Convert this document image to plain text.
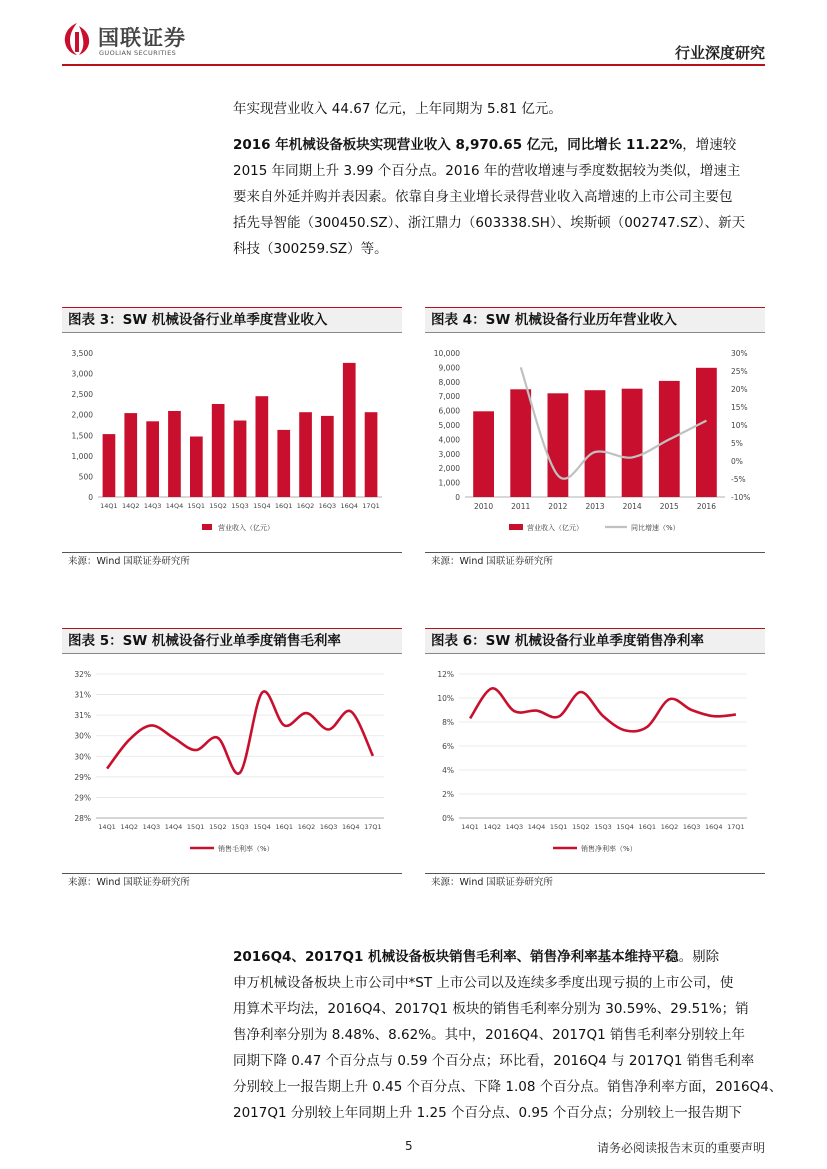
国联证券
GUOLIAN SECURITIES	行业深度研究
年实现营业收入 44.67 亿元，上年同期为 5.81 亿元。
2016 年机械设备板块实现营业收入 8,970.65 亿元，同比增长 11.22%，增速较
2015 年同期上升 3.99 个百分点。2016 年的营收增速与季度数据较为类似，增速主
要来自外延并购并表因素。依靠自身主业增长录得营业收入高增速的上市公司主要包
括先导智能（300450.SZ）、浙江鼎力（603338.SH）、埃斯顿（002747.SZ）、新天
科技（300259.SZ）等。
图表 3：SW 机械设备行业单季度营业收入
0
500
1,000
1,500
2,000
2,500
3,000
3,500
14Q1 14Q2 14Q3 14Q4 15Q1 15Q2 15Q3 15Q4 16Q1 16Q2 16Q3 16Q4 17Q1
营业收入（亿元）
来源：Wind 国联证券研究所
图表 4：SW 机械设备行业历年营业收入
0
1,000
2,000
3,000
4,000
5,000
6,000
7,000
8,000
9,000
10,000
-10%
-5%
0%
5%
10%
15%
20%
25%
30%
2010 2011 2012 2013 2014 2015 2016
营业收入（亿元）	同比增速（%）
来源：Wind 国联证券研究所
图表 5：SW 机械设备行业单季度销售毛利率
28%
29%
29%
30%
30%
31%
31%
32%
14Q1 14Q2 14Q3 14Q4 15Q1 15Q2 15Q3 15Q4 16Q1 16Q2 16Q3 16Q4 17Q1
销售毛利率（%）
来源：Wind 国联证券研究所
图表 6：SW 机械设备行业单季度销售净利率
0%
2%
4%
6%
8%
10%
12%
14Q1 14Q2 14Q3 14Q4 15Q1 15Q2 15Q3 15Q4 16Q1 16Q2 16Q3 16Q4 17Q1
销售净利率（%）
来源：Wind 国联证券研究所
2016Q4、2017Q1 机械设备板块销售毛利率、销售净利率基本维持平稳。剔除
申万机械设备板块上市公司中*ST 上市公司以及连续多季度出现亏损的上市公司，使
用算术平均法，2016Q4、2017Q1 板块的销售毛利率分别为 30.59%、29.51%；销
售净利率分别为 8.48%、8.62%。其中，2016Q4、2017Q1 销售毛利率分别较上年
同期下降 0.47 个百分点与 0.59 个百分点；环比看，2016Q4 与 2017Q1 销售毛利率
分别较上一报告期上升 0.45 个百分点、下降 1.08 个百分点。销售净利率方面，2016Q4、
2017Q1 分别较上年同期上升 1.25 个百分点、0.95 个百分点；分别较上一报告期下
5	请务必阅读报告末页的重要声明
